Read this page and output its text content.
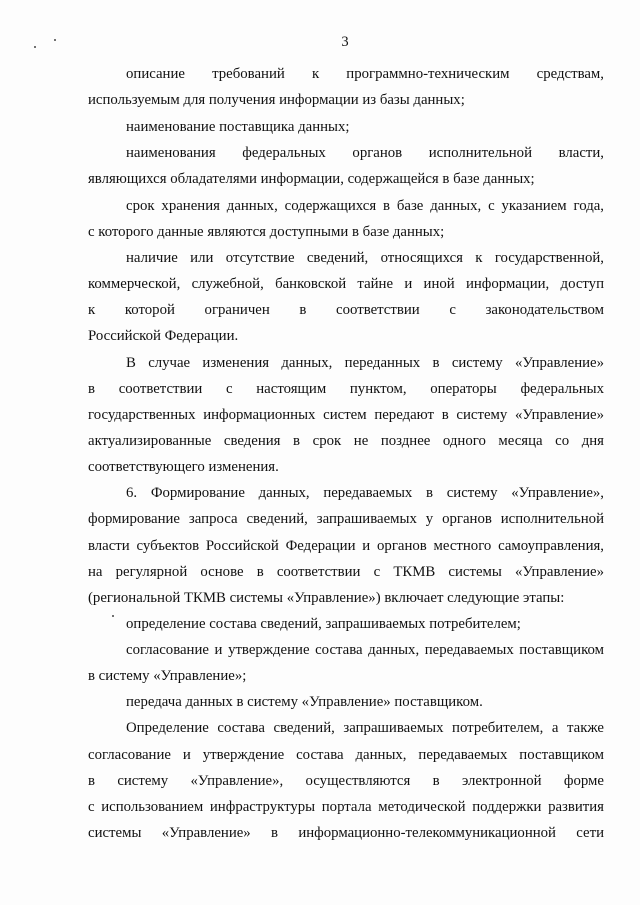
3
описание требований к программно-техническим средствам,
используемым для получения информации из базы данных;
наименование поставщика данных;
наименования федеральных органов исполнительной власти,
являющихся обладателями информации, содержащейся в базе данных;
срок хранения данных, содержащихся в базе данных, с указанием года,
с которого данные являются доступными в базе данных;
наличие или отсутствие сведений, относящихся к государственной,
коммерческой, служебной, банковской тайне и иной информации, доступ
к которой ограничен в соответствии с законодательством
Российской Федерации.
В случае изменения данных, переданных в систему «Управление»
в соответствии с настоящим пунктом, операторы федеральных
государственных информационных систем передают в систему «Управление»
актуализированные сведения в срок не позднее одного месяца со дня
соответствующего изменения.
6. Формирование данных, передаваемых в систему «Управление»,
формирование запроса сведений, запрашиваемых у органов исполнительной
власти субъектов Российской Федерации и органов местного самоуправления,
на регулярной основе в соответствии с ТКМВ системы «Управление»
(региональной ТКМВ системы «Управление») включает следующие этапы:
определение состава сведений, запрашиваемых потребителем;
согласование и утверждение состава данных, передаваемых поставщиком
в систему «Управление»;
передача данных в систему «Управление» поставщиком.
Определение состава сведений, запрашиваемых потребителем, а также
согласование и утверждение состава данных, передаваемых поставщиком
в систему «Управление», осуществляются в электронной форме
с использованием инфраструктуры портала методической поддержки развития
системы «Управление» в информационно-телекоммуникационной сети
